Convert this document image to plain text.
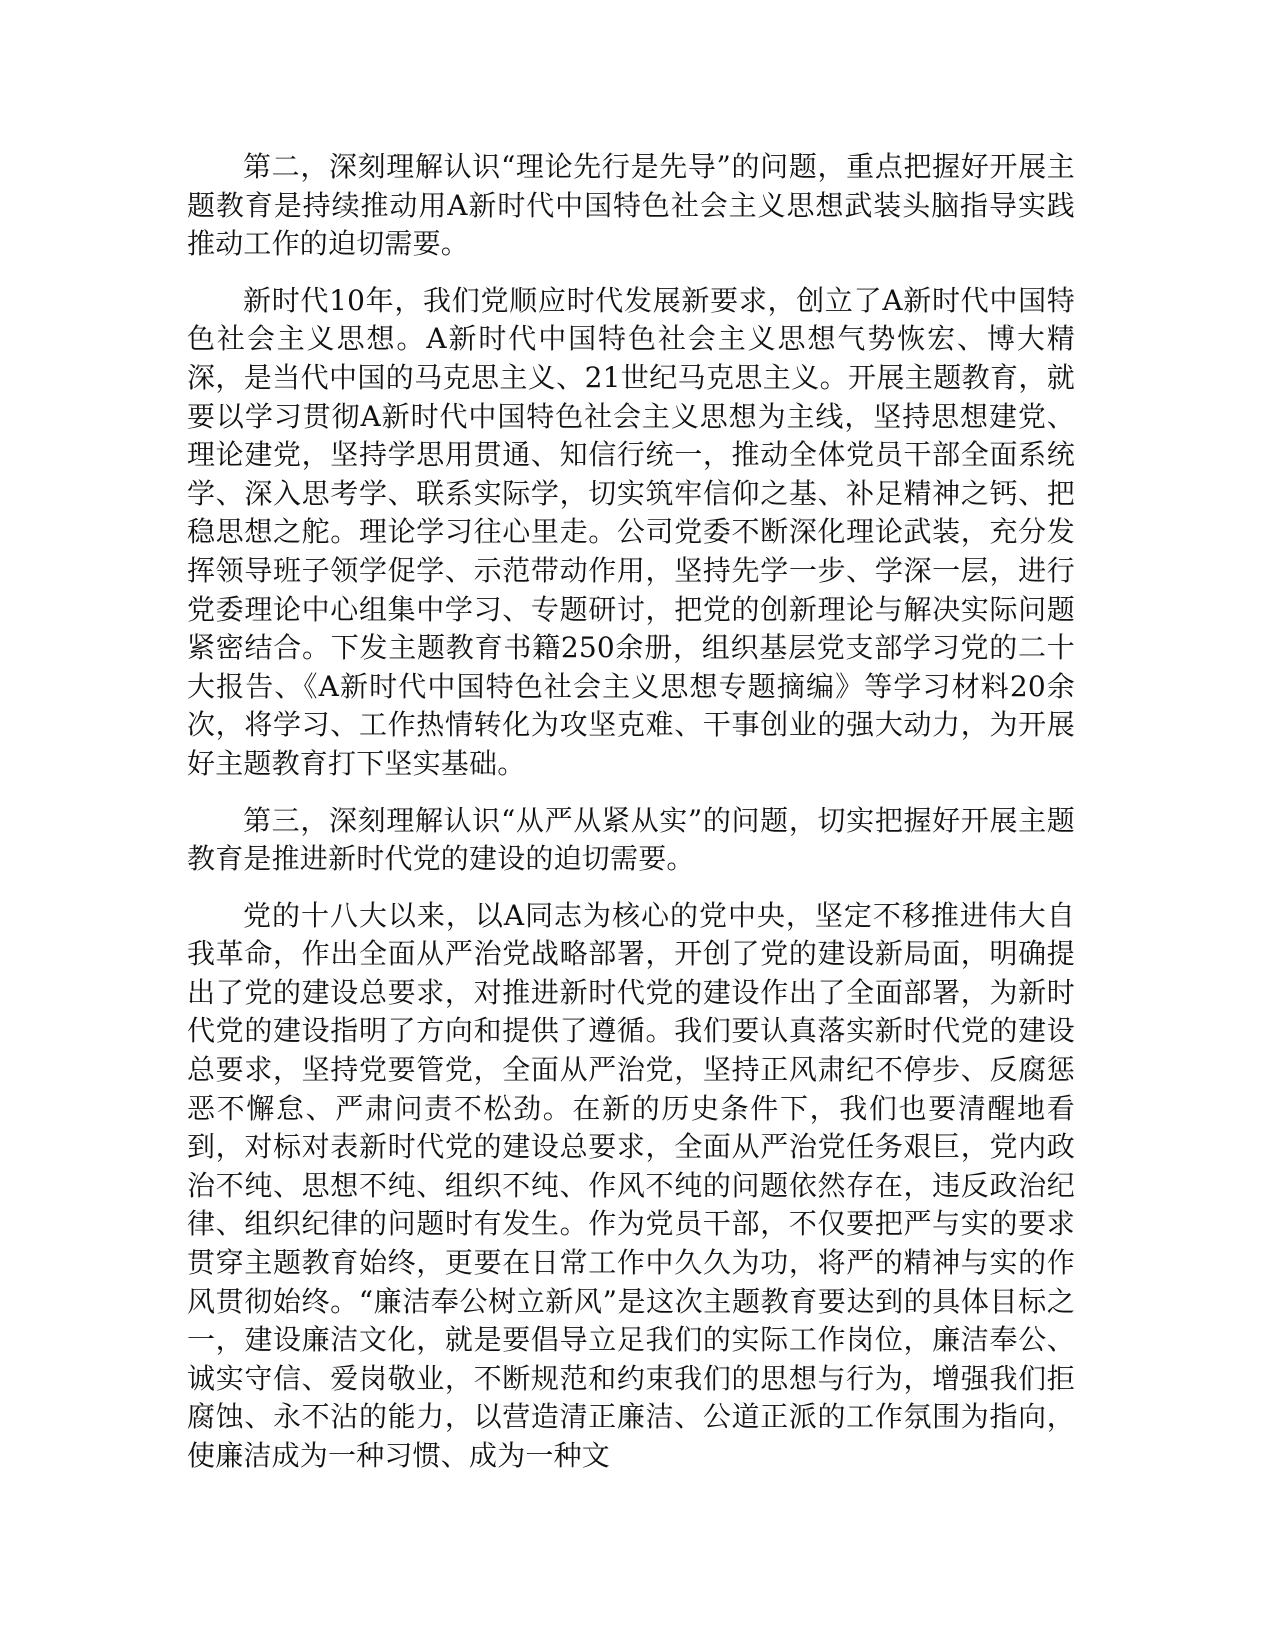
第二，深刻理解认识“理论先行是先导”的问题，重点把握好开展主题教育是持续推动用A新时代中国特色社会主义思想武装头脑指导实践推动工作的迫切需要。

新时代10年，我们党顺应时代发展新要求，创立了A新时代中国特色社会主义思想。A新时代中国特色社会主义思想气势恢宏、博大精深，是当代中国的马克思主义、21世纪马克思主义。开展主题教育，就要以学习贯彻A新时代中国特色社会主义思想为主线，坚持思想建党、理论建党，坚持学思用贯通、知信行统一，推动全体党员干部全面系统学、深入思考学、联系实际学，切实筑牢信仰之基、补足精神之钙、把稳思想之舵。理论学习往心里走。公司党委不断深化理论武装，充分发挥领导班子领学促学、示范带动作用，坚持先学一步、学深一层，进行党委理论中心组集中学习、专题研讨，把党的创新理论与解决实际问题紧密结合。下发主题教育书籍250余册，组织基层党支部学习党的二十大报告、《A新时代中国特色社会主义思想专题摘编》等学习材料20余次，将学习、工作热情转化为攻坚克难、干事创业的强大动力，为开展好主题教育打下坚实基础。

第三，深刻理解认识“从严从紧从实”的问题，切实把握好开展主题教育是推进新时代党的建设的迫切需要。

党的十八大以来，以A同志为核心的党中央，坚定不移推进伟大自我革命，作出全面从严治党战略部署，开创了党的建设新局面，明确提出了党的建设总要求，对推进新时代党的建设作出了全面部署，为新时代党的建设指明了方向和提供了遵循。我们要认真落实新时代党的建设总要求，坚持党要管党，全面从严治党，坚持正风肃纪不停步、反腐惩恶不懈怠、严肃问责不松劲。在新的历史条件下，我们也要清醒地看到，对标对表新时代党的建设总要求，全面从严治党任务艰巨，党内政治不纯、思想不纯、组织不纯、作风不纯的问题依然存在，违反政治纪律、组织纪律的问题时有发生。作为党员干部，不仅要把严与实的要求贯穿主题教育始终，更要在日常工作中久久为功，将严的精神与实的作风贯彻始终。“廉洁奉公树立新风”是这次主题教育要达到的具体目标之一，建设廉洁文化，就是要倡导立足我们的实际工作岗位，廉洁奉公、诚实守信、爱岗敬业，不断规范和约束我们的思想与行为，增强我们拒腐蚀、永不沾的能力，以营造清正廉洁、公道正派的工作氛围为指向，使廉洁成为一种习惯、成为一种文
